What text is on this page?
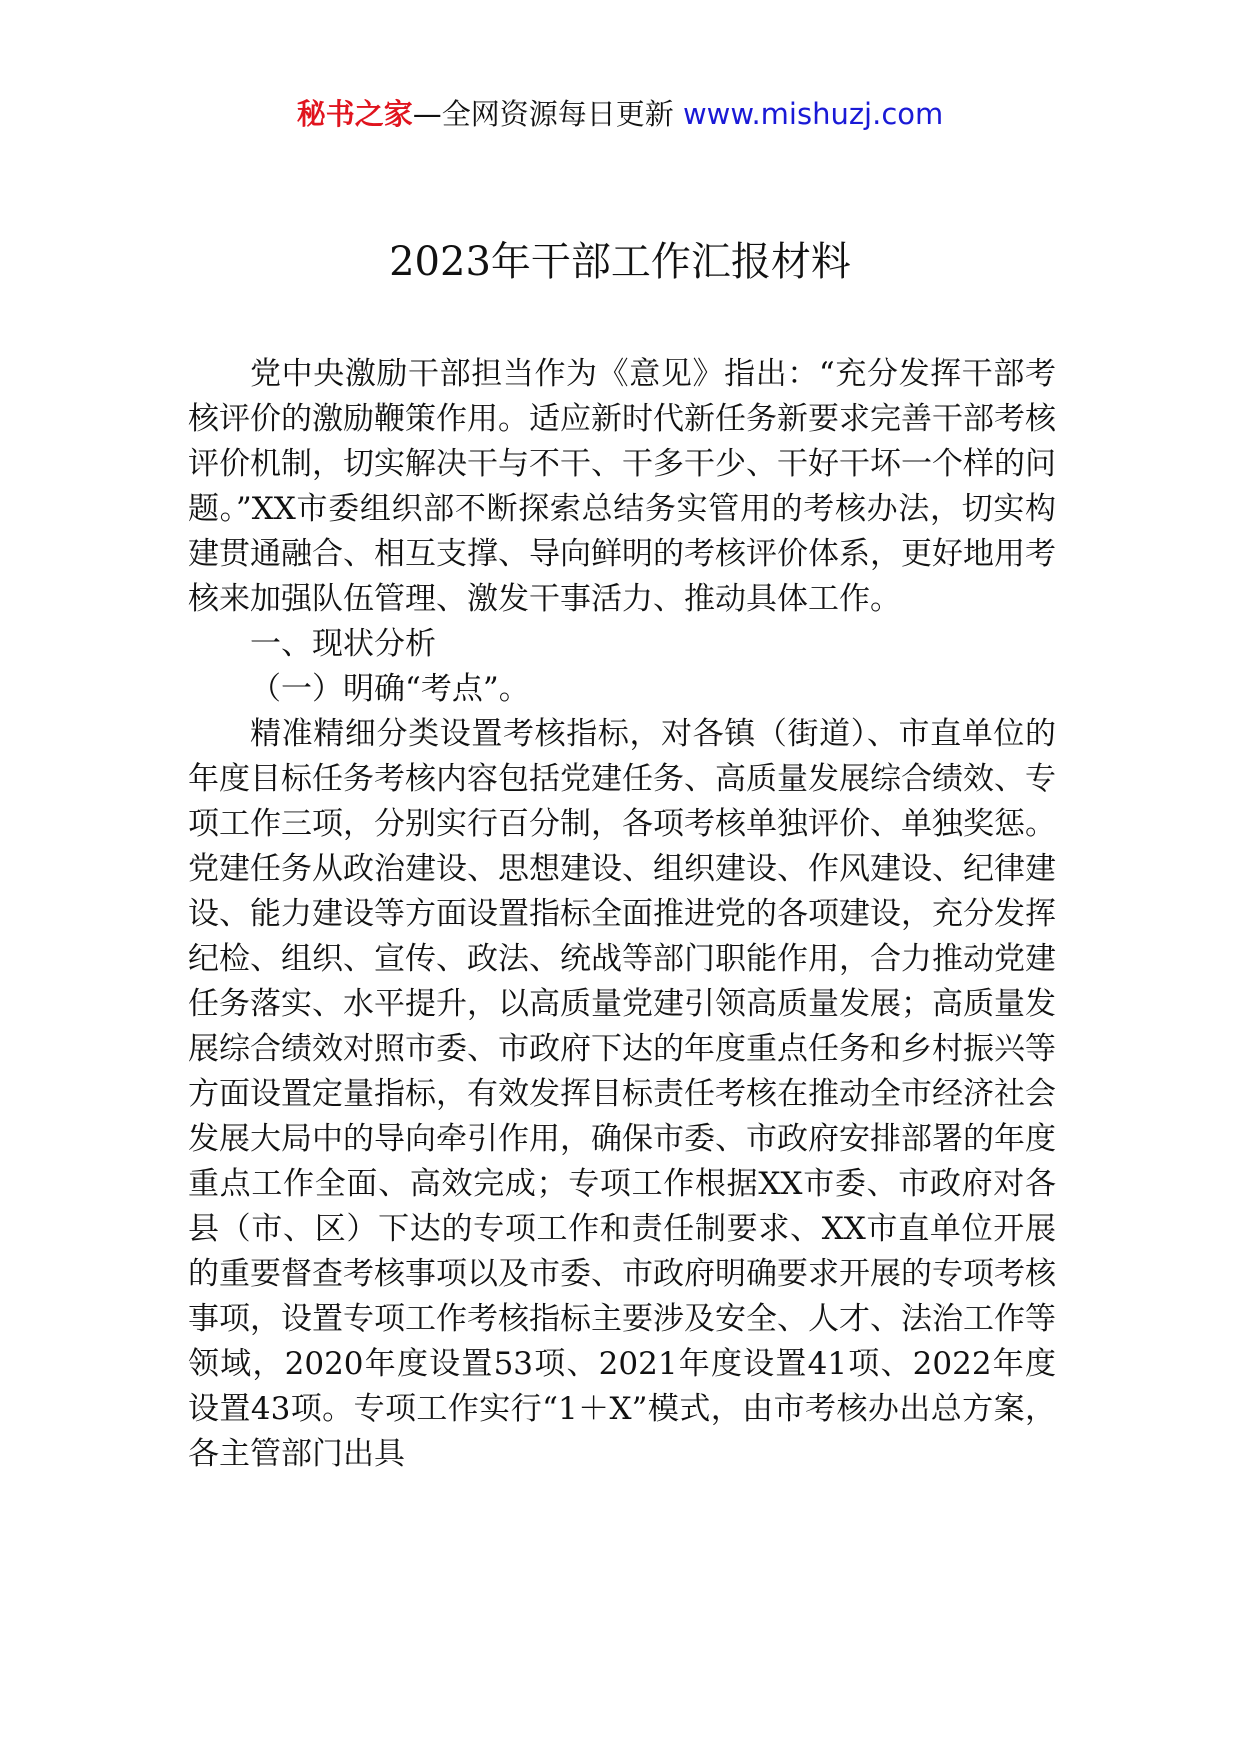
秘书之家—全网资源每日更新 www.mishuzj.com
2023年干部工作汇报材料

党中央激励干部担当作为《意见》指出：“充分发挥干部考核评价的激励鞭策作用。适应新时代新任务新要求完善干部考核评价机制，切实解决干与不干、干多干少、干好干坏一个样的问题。”XX市委组织部不断探索总结务实管用的考核办法，切实构建贯通融合、相互支撑、导向鲜明的考核评价体系，更好地用考核来加强队伍管理、激发干事活力、推动具体工作。

一、现状分析

（一）明确“考点”。

精准精细分类设置考核指标，对各镇（街道）、市直单位的年度目标任务考核内容包括党建任务、高质量发展综合绩效、专项工作三项，分别实行百分制，各项考核单独评价、单独奖惩。党建任务从政治建设、思想建设、组织建设、作风建设、纪律建设、能力建设等方面设置指标全面推进党的各项建设，充分发挥纪检、组织、宣传、政法、统战等部门职能作用，合力推动党建任务落实、水平提升，以高质量党建引领高质量发展；高质量发展综合绩效对照市委、市政府下达的年度重点任务和乡村振兴等方面设置定量指标，有效发挥目标责任考核在推动全市经济社会发展大局中的导向牵引作用，确保市委、市政府安排部署的年度重点工作全面、高效完成；专项工作根据XX市委、市政府对各县（市、区）下达的专项工作和责任制要求、XX市直单位开展的重要督查考核事项以及市委、市政府明确要求开展的专项考核事项，设置专项工作考核指标主要涉及安全、人才、法治工作等领域，2020年度设置53项、2021年度设置41项、2022年度设置43项。专项工作实行“1＋X”模式，由市考核办出总方案，各主管部门出具
